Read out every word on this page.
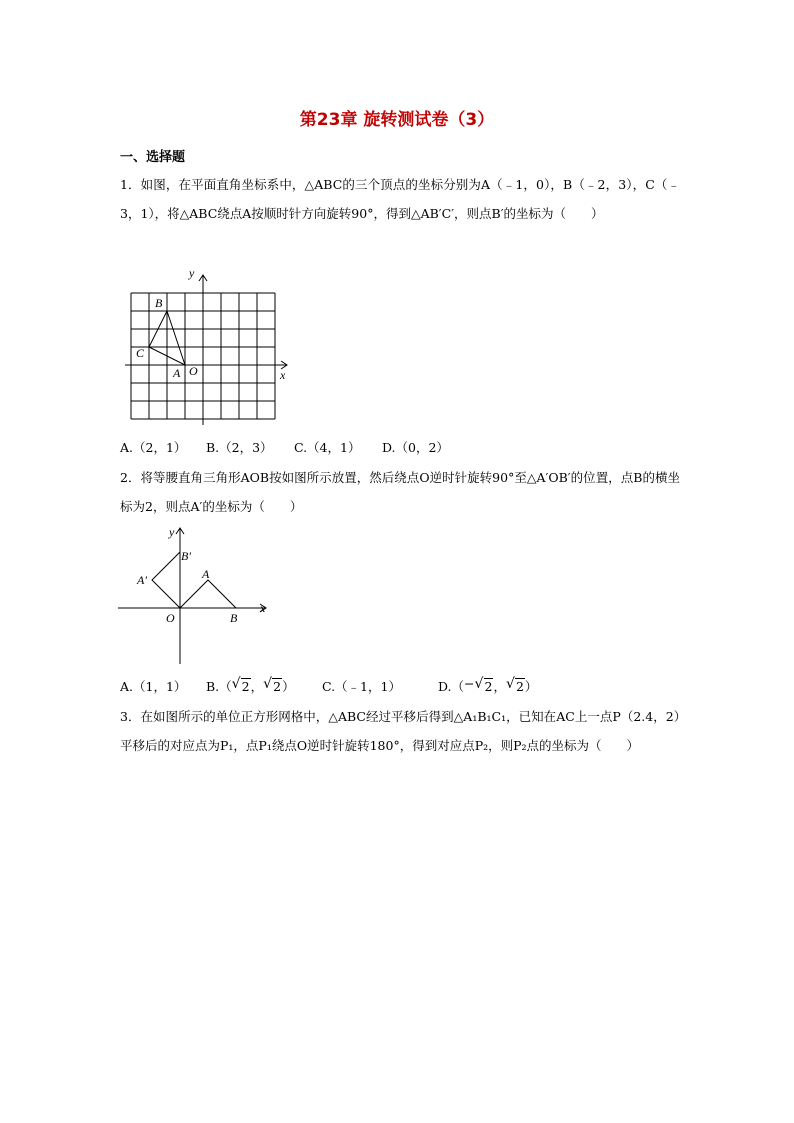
第23章 旋转测试卷（3）
一、选择题
1．如图，在平面直角坐标系中，△ABC的三个顶点的坐标分别为A（﹣1，0），B（﹣2，3），C（﹣3，1），将△ABC绕点A按顺时针方向旋转90°，得到△AB′C′，则点B′的坐标为（　　）
y
x
B
C
A O
A.（2，1） B.（2，3） C.（4，1） D.（0，2）
2．将等腰直角三角形AOB按如图所示放置，然后绕点O逆时针旋转90°至△A′OB′的位置，点B的横坐标为2，则点A′的坐标为（　　）
y
x
B′
A′	A
O	B
A.（1，1） B.（ √ 2， √ 2） C.（﹣1，1）	D.（− √ 2， √ 2）
3．在如图所示的单位正方形网格中，△ABC经过平移后得到△A₁B₁C₁，已知在AC上一点P（2.4，2）平移后的对应点为P₁，点P₁绕点O逆时针旋转180°，得到对应点P₂，则P₂点的坐标为（　　）
